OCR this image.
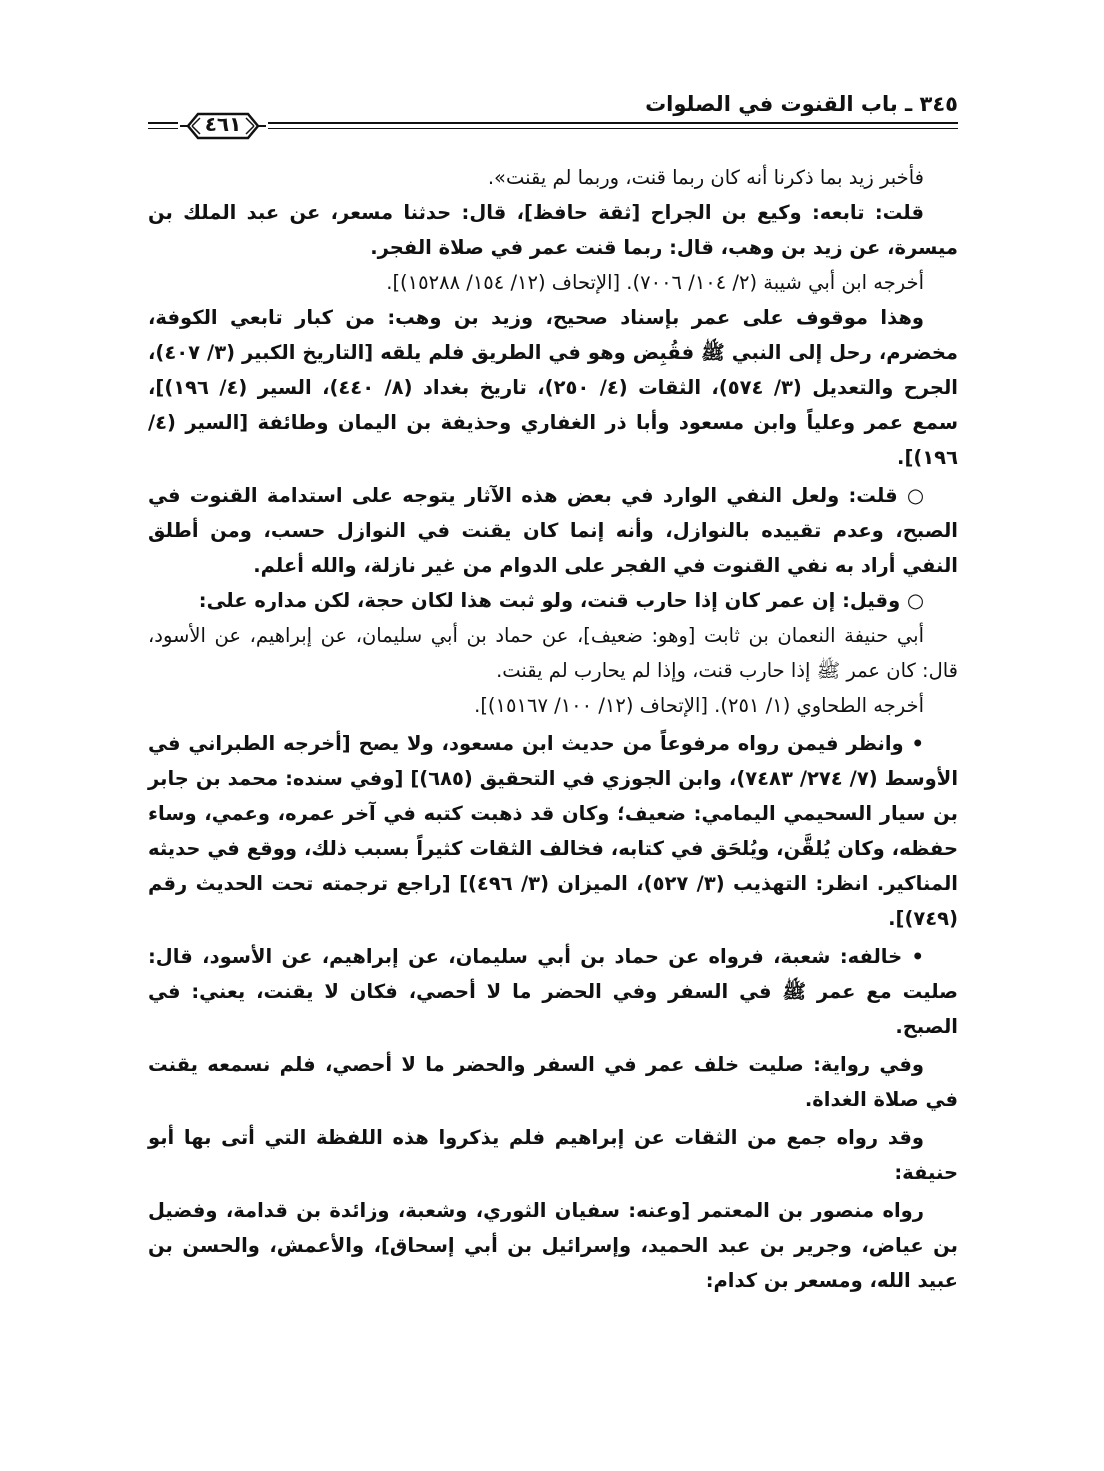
٣٤٥ ـ باب القنوت في الصلوات
٤٦١

فأخبر زيد بما ذكرنا أنه كان ربما قنت، وربما لم يقنت».

قلت: تابعه: وكيع بن الجراح [ثقة حافظ]، قال: حدثنا مسعر، عن عبد الملك بن ميسرة، عن زيد بن وهب، قال: ربما قنت عمر في صلاة الفجر.

أخرجه ابن أبي شيبة (٢/ ١٠٤/ ٧٠٠٦). [الإتحاف (١٢/ ١٥٤/ ١٥٢٨٨)].

وهذا موقوف على عمر بإسناد صحيح، وزيد بن وهب: من كبار تابعي الكوفة، مخضرم، رحل إلى النبي ﷺ فقُبِض وهو في الطريق فلم يلقه [التاريخ الكبير (٣/ ٤٠٧)، الجرح والتعديل (٣/ ٥٧٤)، الثقات (٤/ ٢٥٠)، تاريخ بغداد (٨/ ٤٤٠)، السير (٤/ ١٩٦)]، سمع عمر وعلياً وابن مسعود وأبا ذر الغفاري وحذيفة بن اليمان وطائفة [السير (٤/ ١٩٦)].

○ قلت: ولعل النفي الوارد في بعض هذه الآثار يتوجه على استدامة القنوت في الصبح، وعدم تقييده بالنوازل، وأنه إنما كان يقنت في النوازل حسب، ومن أطلق النفي أراد به نفي القنوت في الفجر على الدوام من غير نازلة، والله أعلم.

○ وقيل: إن عمر كان إذا حارب قنت، ولو ثبت هذا لكان حجة، لكن مداره على:

أبي حنيفة النعمان بن ثابت [وهو: ضعيف]، عن حماد بن أبي سليمان، عن إبراهيم، عن الأسود، قال: كان عمر ﷺ إذا حارب قنت، وإذا لم يحارب لم يقنت.

أخرجه الطحاوي (١/ ٢٥١). [الإتحاف (١٢/ ١٠٠/ ١٥١٦٧)].

• وانظر فيمن رواه مرفوعاً من حديث ابن مسعود، ولا يصح [أخرجه الطبراني في الأوسط (٧/ ٢٧٤/ ٧٤٨٣)، وابن الجوزي في التحقيق (٦٨٥)] [وفي سنده: محمد بن جابر بن سيار السحيمي اليمامي: ضعيف؛ وكان قد ذهبت كتبه في آخر عمره، وعمي، وساء حفظه، وكان يُلقَّن، ويُلحَق في كتابه، فخالف الثقات كثيراً بسبب ذلك، ووقع في حديثه المناكير. انظر: التهذيب (٣/ ٥٢٧)، الميزان (٣/ ٤٩٦)] [راجع ترجمته تحت الحديث رقم (٧٤٩)].

• خالفه: شعبة، فرواه عن حماد بن أبي سليمان، عن إبراهيم، عن الأسود، قال: صليت مع عمر ﷺ في السفر وفي الحضر ما لا أحصي، فكان لا يقنت، يعني: في الصبح.

وفي رواية: صليت خلف عمر في السفر والحضر ما لا أحصي، فلم نسمعه يقنت في صلاة الغداة.

وقد رواه جمع من الثقات عن إبراهيم فلم يذكروا هذه اللفظة التي أتى بها أبو حنيفة:

رواه منصور بن المعتمر [وعنه: سفيان الثوري، وشعبة، وزائدة بن قدامة، وفضيل بن عياض، وجرير بن عبد الحميد، وإسرائيل بن أبي إسحاق]، والأعمش، والحسن بن عبيد الله، ومسعر بن كدام:
